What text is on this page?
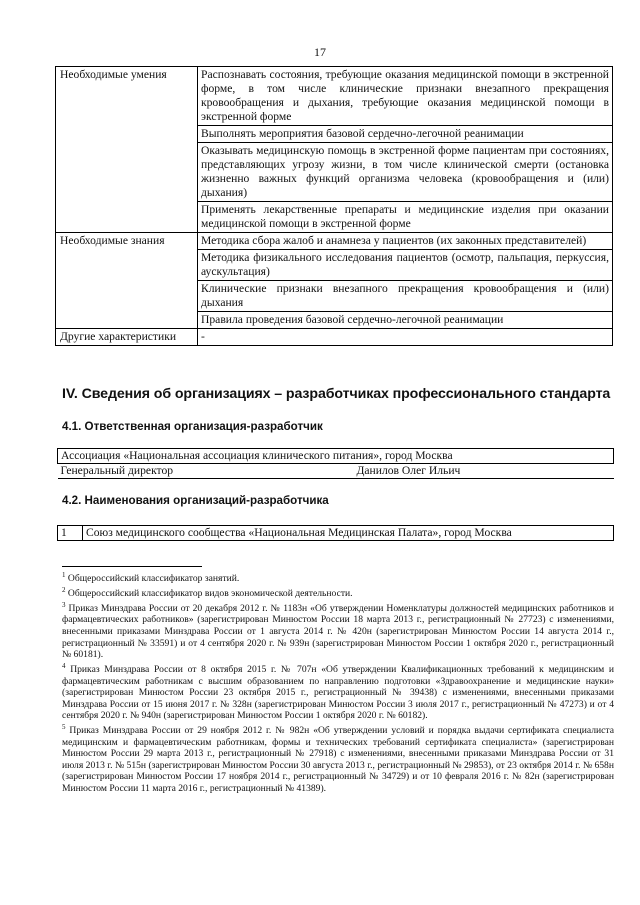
17
Необходимые умения	Распознавать состояния, требующие оказания медицинской помощи в экстренной форме, в том числе клинические признаки внезапного прекращения кровообращения и дыхания, требующие оказания медицинской помощи в экстренной форме
	Выполнять мероприятия базовой сердечно-легочной реанимации
	Оказывать медицинскую помощь в экстренной форме пациентам при состояниях, представляющих угрозу жизни, в том числе клинической смерти (остановка жизненно важных функций организма человека (кровообращения и (или) дыхания)
	Применять лекарственные препараты и медицинские изделия при оказании медицинской помощи в экстренной форме
Необходимые знания	Методика сбора жалоб и анамнеза у пациентов (их законных представителей)
	Методика физикального исследования пациентов (осмотр, пальпация, перкуссия, аускультация)
	Клинические признаки внезапного прекращения кровообращения и (или) дыхания
	Правила проведения базовой сердечно-легочной реанимации
Другие характеристики	-
IV. Сведения об организациях – разработчиках профессионального стандарта
4.1. Ответственная организация-разработчик
Ассоциация «Национальная ассоциация клинического питания», город Москва
Генеральный директор	Данилов Олег Ильич
4.2. Наименования организаций-разработчика
1	Союз медицинского сообщества «Национальная Медицинская Палата», город Москва

$^1$ Общероссийский классификатор занятий.

$^2$ Общероссийский классификатор видов экономической деятельности.

$^3$ Приказ Минздрава России от 20 декабря 2012 г. № 1183н «Об утверждении Номенклатуры должностей медицинских работников и фармацевтических работников» (зарегистрирован Минюстом России 18 марта 2013 г., регистрационный № 27723) с изменениями, внесенными приказами Минздрава России от 1 августа 2014 г. № 420н (зарегистрирован Минюстом России 14 августа 2014 г., регистрационный № 33591) и от 4 сентября 2020 г. № 939н (зарегистрирован Минюстом России 1 октября 2020 г., регистрационный № 60181).

$^4$ Приказ Минздрава России от 8 октября 2015 г. № 707н «Об утверждении Квалификационных требований к медицинским и фармацевтическим работникам с высшим образованием по направлению подготовки «Здравоохранение и медицинские науки» (зарегистрирован Минюстом России 23 октября 2015 г., регистрационный № 39438) с изменениями, внесенными приказами Минздрава России от 15 июня 2017 г. № 328н (зарегистрирован Минюстом России 3 июля 2017 г., регистрационный № 47273) и от 4 сентября 2020 г. № 940н (зарегистрирован Минюстом России 1 октября 2020 г. № 60182).

$^5$ Приказ Минздрава России от 29 ноября 2012 г. № 982н «Об утверждении условий и порядка выдачи сертификата специалиста медицинским и фармацевтическим работникам, формы и технических требований сертификата специалиста» (зарегистрирован Минюстом России 29 марта 2013 г., регистрационный № 27918) с изменениями, внесенными приказами Минздрава России от 31 июля 2013 г. № 515н (зарегистрирован Минюстом России 30 августа 2013 г., регистрационный № 29853), от 23 октября 2014 г. № 658н (зарегистрирован Минюстом России 17 ноября 2014 г., регистрационный № 34729) и от 10 февраля 2016 г. № 82н (зарегистрирован Минюстом России 11 марта 2016 г., регистрационный № 41389).
